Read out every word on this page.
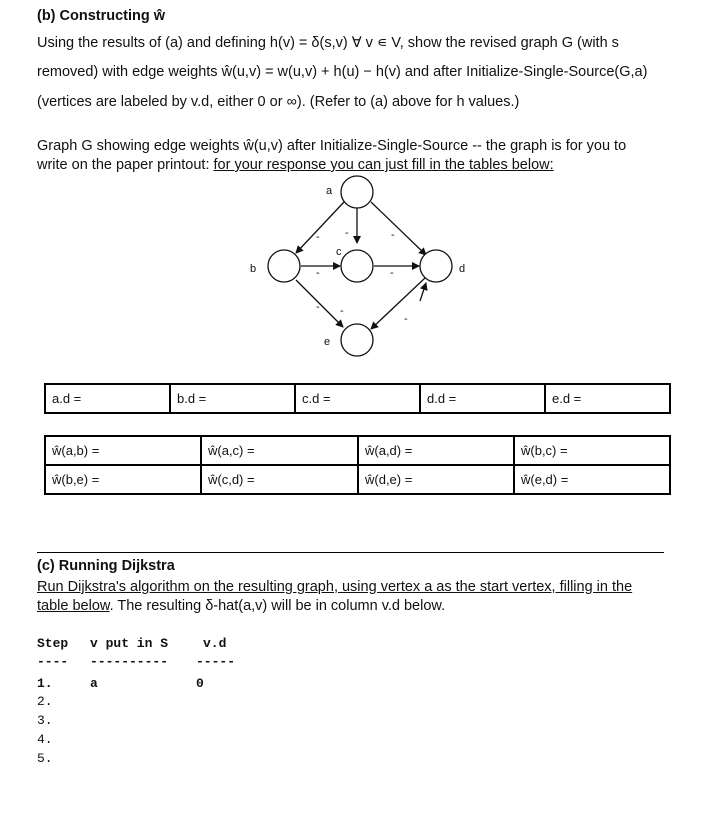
(b) Constructing ŵ
Using the results of (a) and defining h(v) = δ(s,v) ∀ v ∊ V, show the revised graph G (with s
removed) with edge weights ŵ(u,v) = w(u,v) + h(u) − h(v) and after Initialize-Single-Source(G,a)
(vertices are labeled by v.d, either 0 or ∞). (Refer to (a) above for h values.)
Graph G showing edge weights ŵ(u,v) after Initialize-Single-Source -- the graph is for you to
write on the paper printout: for your response you can just fill in the tables below:
a
b
c
d
e
- -	-
-	-
-
-
-
a.d =	b.d =	c.d =	d.d =	e.d =
ŵ(a,b) =	ŵ(a,c) =	ŵ(a,d) =	ŵ(b,c) =
ŵ(b,e) =	ŵ(c,d) =	ŵ(d,e) =	ŵ(e,d) =
(c) Running Dijkstra
Run Dijkstra's algorithm on the resulting graph, using vertex a as the start vertex, filling in the
table below. The resulting δ-hat(a,v) will be in column v.d below.
Step v put in S	v.d
---- ---------- -----
1.	a	0
2.
3.
4.
5.
